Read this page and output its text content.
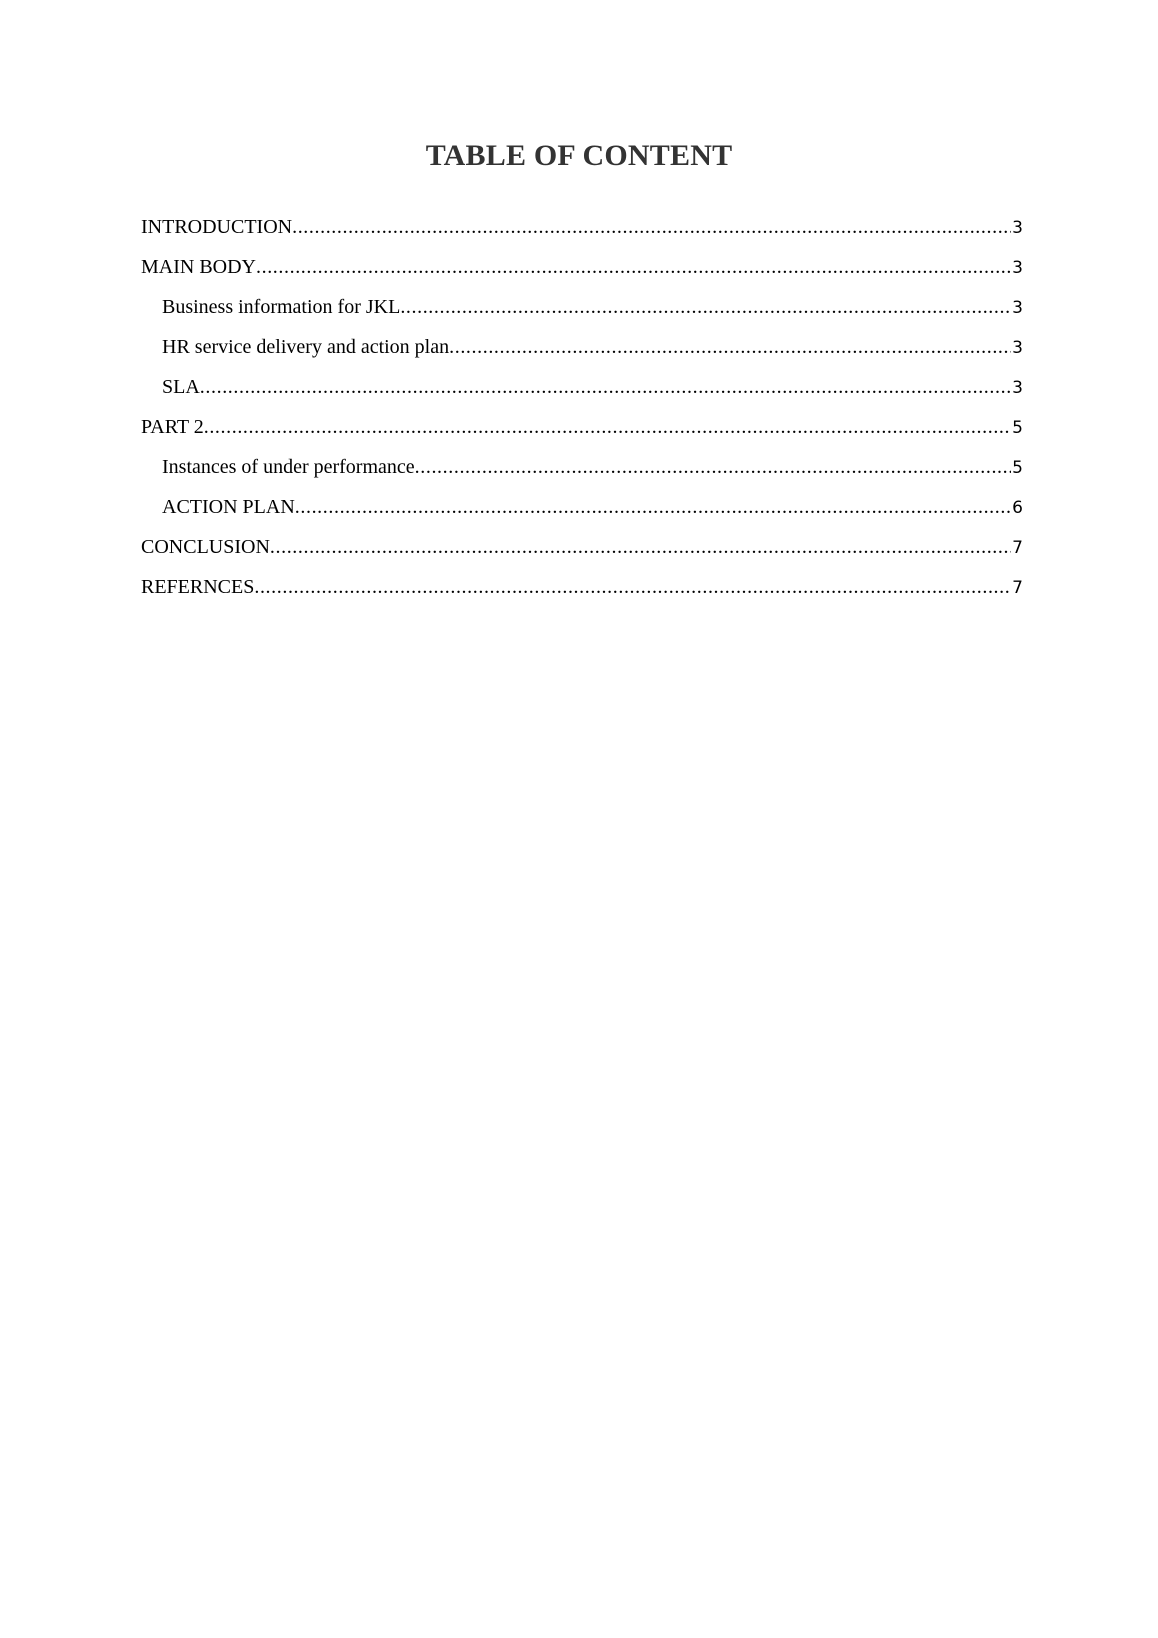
TABLE OF CONTENT
INTRODUCTION .....	3
MAIN BODY .....	3
Business information for JKL .....	3
HR service delivery and action plan .....	3
SLA .....	3
PART 2 .....	5
Instances of under performance .....	5
ACTION PLAN .....	6
CONCLUSION .....	7
REFERNCES .....	7
